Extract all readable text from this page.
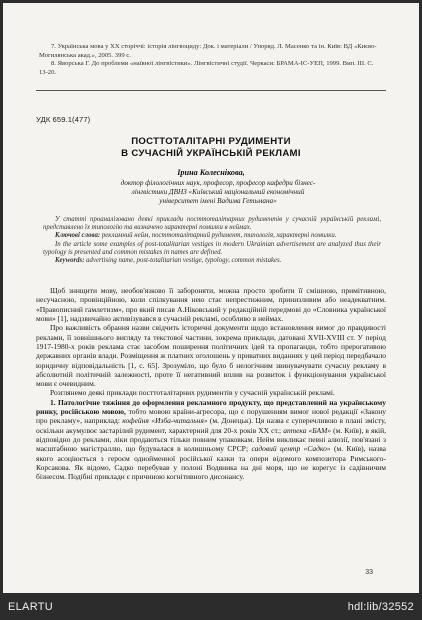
7. Українська мова у XX сторіччі: історія лінгвоциду: Док. і матеріали / Упоряд. Л. Масенко та ін. Київ: ВД «Києво-Могилянська акад.», 2005. 399 с.

8. Яворська Г. До проблеми «наївної лінгвістики». Лінгвістичні студії. Черкаси: БРАМА-ІС-УЕП, 1999. Вип. III. С. 13-20.

УДК 659.1(477)
ПОСТТОТАЛІТАРНІ РУДИМЕНТИ
В СУЧАСНІЙ УКРАЇНСЬКІЙ РЕКЛАМІ
Ірина Колеснікова,
доктор філологічних наук, професор, професор кафедри бізнес-лінгвістики ДВНЗ «Київський національний економічний університет імені Вадима Гетьмана»

У статті проаналізовано деякі приклади посттоталітарних рудиментів у сучасній українській рекламі, представлено їх типологію та визначено характерні помилки в неймах.

Ключові слова: рекламний нейм, посттоталітарний рудимент, типологія, характерні помилки.

In the article some examples of post-totalitarian vestiges in modern Ukrainian advertisement are analyzed thus their typology is presented and common mistakes in names are defined.

Keywords: advertising name, post-totalitarian vestige, typology, common mistakes.

Щоб знищити мову, необов'язково її забороняти, можна просто зробити її смішною, примітивною, несучасною, провінційною, коли спілкування нею стає непрестижним, принизливим або неадекватним. «Правописний гамлетизм», про який писав А.Ніковський у редакційній передмові до «Словника української мови» [1], надзвичайно активізувався в сучасній рекламі, особливо в неймах.

Про важливість обрання назви свідчить історичні документи щодо встановлення вимог до правдивості реклами, її зовнішнього вигляду та текстової частини, зокрема приклади, датовані XVII-XVIII ст. У період 1917-1980-х років реклама стає засобом поширення політичних ідей та пропаганди, тобто прерогативою державних органів влади. Розміщення ж платних оголошень у приватних виданнях у цей період передбачало юридичну відповідальність [1, с. 65]. Зрозуміло, що було б нелогічним звинувачувати сучасну рекламу в абсолютній політичній залежності, проте її негативний вплив на розвиток і функціонування української мови є очевидним.

Розглянемо деякі приклади посттоталітарних рудиментів у сучасній українській рекламі.

1. Патологічне тяжіння до оформлення рекламного продукту, що представлений на українському ринку, російською мовою, тобто мовою країни-агресора, що є порушенням вимог нової редакції «Закону про рекламу», наприклад: кофейня «Изба-читальня» (м. Донецьк). Ця назва є суперечливою в плані змісту, оскільки акумулює застарілий рудимент, характерний для 20-х років XX ст.; аптека «БАМ» (м. Київ), в якій, відповідно до реклами, ліки продаються тільки повним упаковкам. Нейм викликає певні алюзії, пов'язані з масштабною магістраллю, що будувалася в колишньому СРСР; садовий центр «Садко» (м. Київ), назва якого асоціюється з героєм однойменної російської казки та опери відомого композитора Римського-Корсакова. Як відомо, Садко перебував у полоні Водяника на дні моря, що не корегує із садівничим бізнесом. Подібні приклади є причиною когнітивного дисонансу.

33
ELARTU	hdl:lib/32552
